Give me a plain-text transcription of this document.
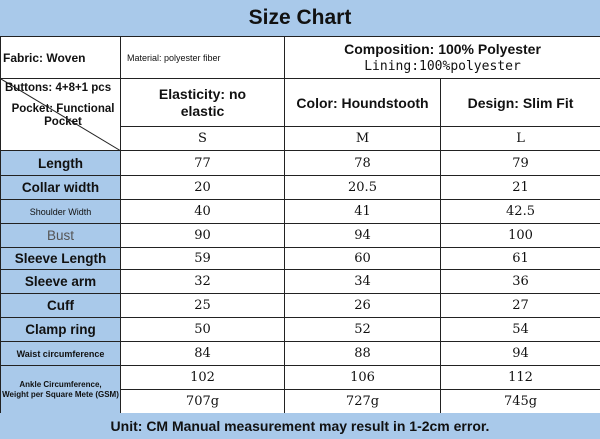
Size Chart
Fabric: Woven	Material: polyester fiber	Composition: 100% Polyester
Lining:100%polyester	

Buttons: 4+8+1 pcs
Pocket: Functional Pocket	Elasticity: no elastic	Color: Houndstooth	Design: Slim Fit
	S	M	L
Length	77	78	79
Collar width	20	20.5	21
Shoulder Width	40	41	42.5
Bust	90	94	100
Sleeve Length	59	60	61
Sleeve arm	32	34	36
Cuff	25	26	27
Clamp ring	50	52	54
Waist circumference	84	88	94

Ankle Circumference,
Weight per Square Mete (GSM)	102	106	112
	707g	727g	745g
Unit: CM Manual measurement may result in 1-2cm error.
